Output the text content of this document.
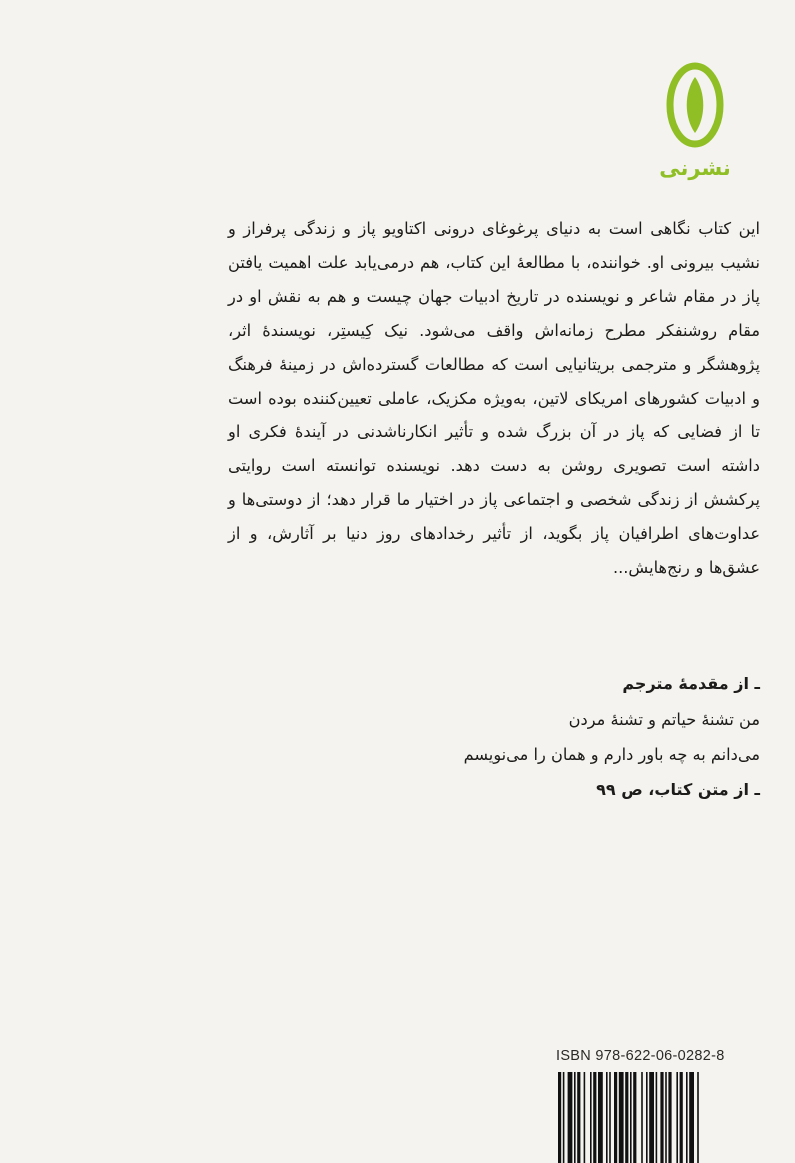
نشرنی
این کتاب نگاهی است به دنیای پرغوغای درونی اکتاویو پاز و زندگی پرفراز و نشیب بیرونی او. خواننده، با مطالعهٔ این کتاب، هم درمی‌یابد علت اهمیت یافتن پاز در مقام شاعر و نویسنده در تاریخ ادبیات جهان چیست و هم به نقش او در مقام روشنفکر مطرح زمانه‌اش واقف می‌شود. نیک کِیستِر، نویسندهٔ اثر، پژوهشگر و مترجمی بریتانیایی است که مطالعات گسترده‌اش در زمینهٔ فرهنگ و ادبیات کشورهای امریکای لاتین، به‌ویژه مکزیک، عاملی تعیین‌کننده بوده است تا از فضایی که پاز در آن بزرگ شده و تأثیر انکارناشدنی در آیندهٔ فکری او داشته است تصویری روشن به دست دهد. نویسنده توانسته است روایتی پرکشش از زندگی شخصی و اجتماعی پاز در اختیار ما قرار دهد؛ از دوستی‌ها و عداوت‌های اطرافیان پاز بگوید، از تأثیر رخدادهای روز دنیا بر آثارش، و از عشق‌ها و رنج‌هایش...
ـ از مقدمهٔ مترجم
من تشنهٔ حیاتم و تشنهٔ مردن
می‌دانم به چه باور دارم و همان را می‌نویسم
ـ از متن کتاب، ص ۹۹
ISBN 978-622-06-0282-8
